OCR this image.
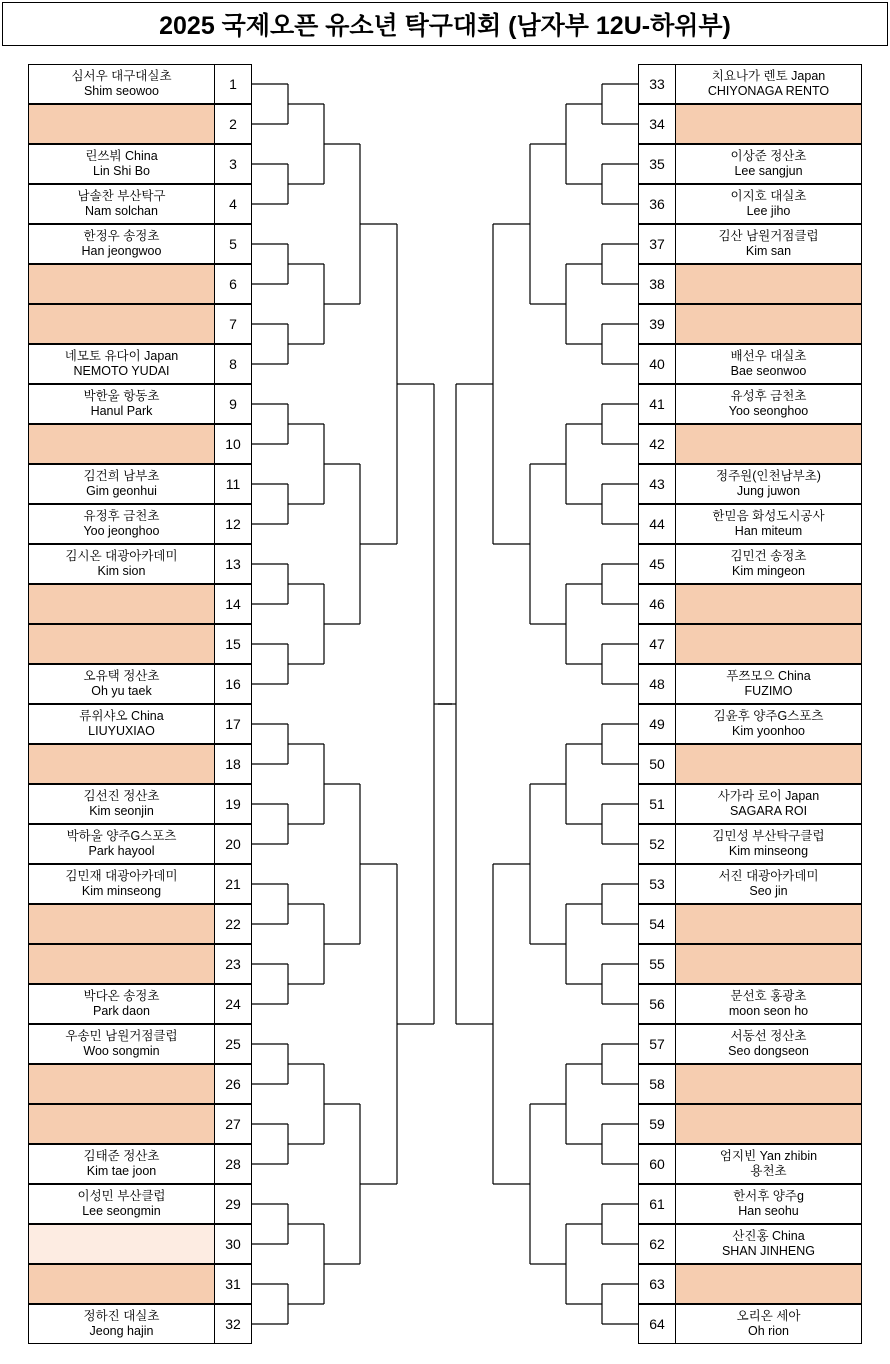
2025 국제오픈 유소년 탁구대회 (남자부 12U-하위부)
심서우 대구대실초
Shim seowoo	1
2
린쓰붜 China
Lin Shi Bo	3
남솔찬 부산탁구
Nam solchan	4
한정우 송정초
Han jeongwoo	5
6
7
네모토 유다이 Japan
NEMOTO YUDAI	8
박한울 항동초
Hanul Park	9
10
김건희 남부초
Gim geonhui	11
유정후 금천초
Yoo jeonghoo	12
김시온 대광아카데미
Kim sion	13
14
15
오유택 정산초
Oh yu taek	16
류위샤오 China
LIUYUXIAO	17
18
김선진 정산초
Kim seonjin	19
박하울 양주G스포츠
Park hayool	20
김민재 대광아카데미
Kim minseong	21
22
23
박다온 송정초
Park daon	24
우송민 남원거점클럽
Woo songmin	25
26
27
김태준 정산초
Kim tae joon	28
이성민 부산클럽
Lee seongmin	29
30
31
정하진 대실초
Jeong hajin	32
치요나가 렌토 Japan
CHIYONAGA RENTO
33
34
이상준 정산초
Lee sangjun
35
이지호 대실초
Lee jiho
36
김산 남원거점클럽
Kim san
37
38
39
배선우 대실초
Bae seonwoo
40
유성후 금천초
Yoo seonghoo
41
42
정주원(인천남부초)
Jung juwon
43
한믿음 화성도시공사
Han miteum
44
김민건 송정초
Kim mingeon
45
46
47
푸쯔모으 China
FUZIMO
48
김윤후 양주G스포츠
Kim yoonhoo
49
50
사가라 로이 Japan
SAGARA ROI
51
김민성 부산탁구클럽
Kim minseong
52
서진 대광아카데미
Seo jin
53
54
55
문선호 홍광초
moon seon ho
56
서동선 정산초
Seo dongseon
57
58
59
엄지빈 Yan zhibin
용천초
60
한서후 양주g
Han seohu
61
산진홍 China
SHAN JINHENG
62
63
오리온 세아
Oh rion
64
